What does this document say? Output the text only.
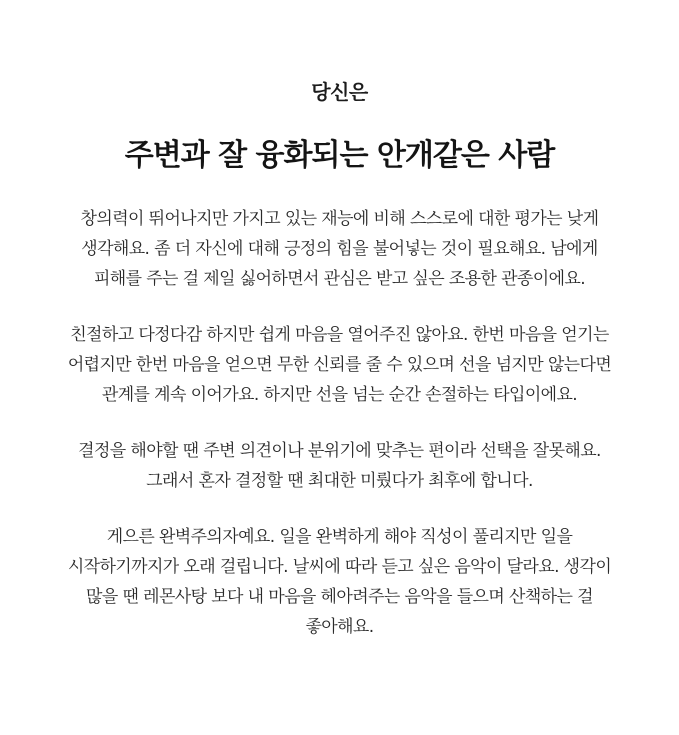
당신은

주변과 잘 융화되는 안개같은 사람

창의력이 뛰어나지만 가지고 있는 재능에 비해 스스로에 대한 평가는 낮게
생각해요. 좀 더 자신에 대해 긍정의 힘을 불어넣는 것이 필요해요. 남에게
피해를 주는 걸 제일 싫어하면서 관심은 받고 싶은 조용한 관종이에요.

친절하고 다정다감 하지만 쉽게 마음을 열어주진 않아요. 한번 마음을 얻기는
어렵지만 한번 마음을 얻으면 무한 신뢰를 줄 수 있으며 선을 넘지만 않는다면
관계를 계속 이어가요. 하지만 선을 넘는 순간 손절하는 타입이에요.

결정을 해야할 땐 주변 의견이나 분위기에 맞추는 편이라 선택을 잘못해요.
그래서 혼자 결정할 땐 최대한 미뤘다가 최후에 합니다.

게으른 완벽주의자예요. 일을 완벽하게 해야 직성이 풀리지만 일을
시작하기까지가 오래 걸립니다. 날씨에 따라 듣고 싶은 음악이 달라요. 생각이
많을 땐 레몬사탕 보다 내 마음을 헤아려주는 음악을 들으며 산책하는 걸
좋아해요.
